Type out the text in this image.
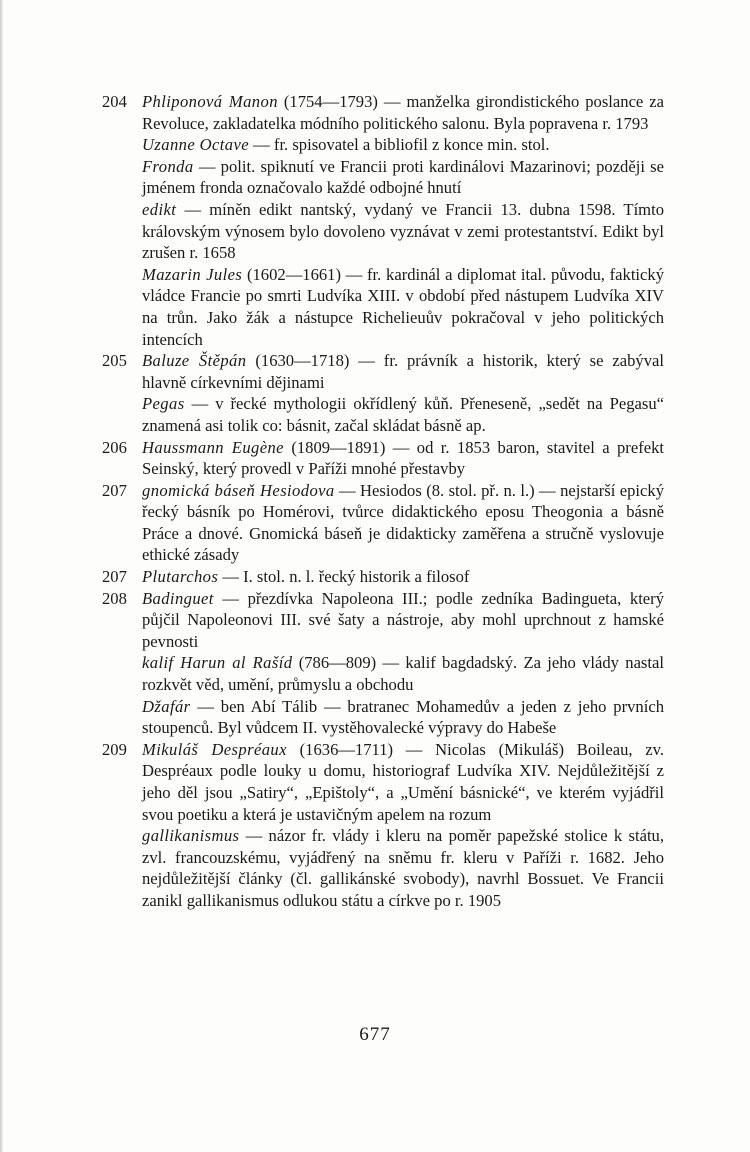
204 Phliponová Manon (1754—1793) — manželka girondistického poslance za Revoluce, zakladatelka módního politického salonu. Byla popravena r. 1793
Uzanne Octave — fr. spisovatel a bibliofil z konce min. stol.
Fronda — polit. spiknutí ve Francii proti kardinálovi Mazarinovi; později se jménem fronda označovalo každé odbojné hnutí
edikt — míněn edikt nantský, vydaný ve Francii 13. dubna 1598. Tímto královským výnosem bylo dovoleno vyznávat v zemi protestantství. Edikt byl zrušen r. 1658
Mazarin Jules (1602—1661) — fr. kardinál a diplomat ital. původu, faktický vládce Francie po smrti Ludvíka XIII. v období před nástupem Ludvíka XIV na trůn. Jako žák a nástupce Richelieuův pokračoval v jeho politických intencích
205 Baluze Štěpán (1630—1718) — fr. právník a historik, který se zabýval hlavně církevními dějinami
Pegas — v řecké mythologii okřídlený kůň. Přeneseně, „sedět na Pegasu“ znamená asi tolik co: básnit, začal skládat básně ap.
206 Haussmann Eugène (1809—1891) — od r. 1853 baron, stavitel a prefekt Seinský, který provedl v Paříži mnohé přestavby
207 gnomická báseň Hesiodova — Hesiodos (8. stol. př. n. l.) — nejstarší epický řecký básník po Homérovi, tvůrce didaktického eposu Theogonia a básně Práce a dnové. Gnomická báseň je didakticky zaměřena a stručně vyslovuje ethické zásady
207 Plutarchos — I. stol. n. l. řecký historik a filosof
208 Badinguet — přezdívka Napoleona III.; podle zedníka Badingueta, který půjčil Napoleonovi III. své šaty a nástroje, aby mohl uprchnout z hamské pevnosti
kalif Harun al Rašíd (786—809) — kalif bagdadský. Za jeho vlády nastal rozkvět věd, umění, průmyslu a obchodu
Džafár — ben Abí Tálib — bratranec Mohamedův a jeden z jeho prvních stoupenců. Byl vůdcem II. vystěhovalecké výpravy do Habeše
209 Mikuláš Despréaux (1636—1711) — Nicolas (Mikuláš) Boileau, zv. Despréaux podle louky u domu, historiograf Ludvíka XIV. Nejdůležitější z jeho děl jsou „Satiry“, „Epištoly“, a „Umění básnické“, ve kterém vyjádřil svou poetiku a která je ustavičným apelem na rozum
gallikanismus — názor fr. vlády i kleru na poměr papežské stolice k státu, zvl. francouzskému, vyjádřený na sněmu fr. kleru v Paříži r. 1682. Jeho nejdůležitější články (čl. gallikánské svobody), navrhl Bossuet. Ve Francii zanikl gallikanismus odlukou státu a církve po r. 1905
677
